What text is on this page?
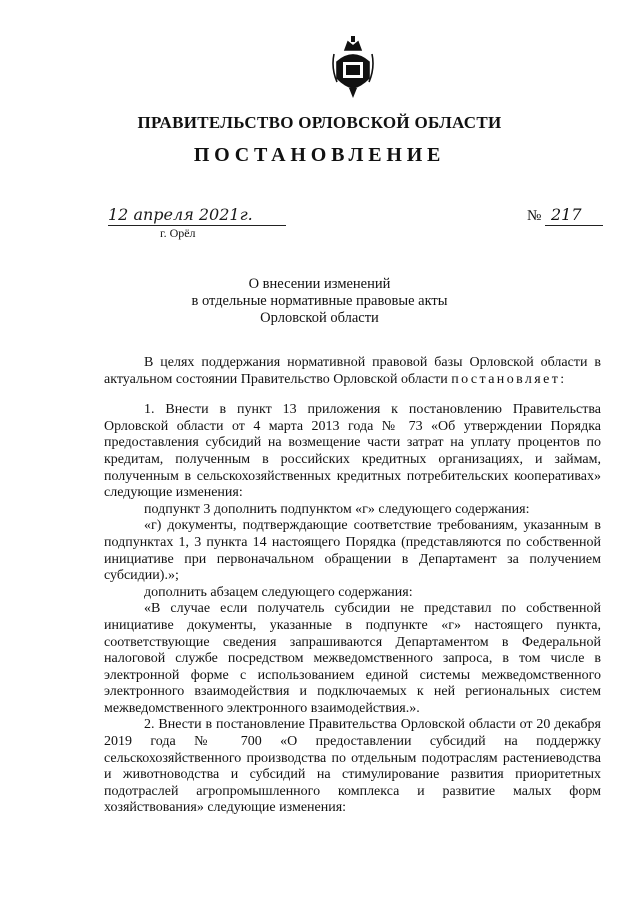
ПРАВИТЕЛЬСТВО ОРЛОВСКОЙ ОБЛАСТИ
ПОСТАНОВЛЕНИЕ
12 апреля 2021г.
г. Орёл
№ 217
О внесении изменений
в отдельные нормативные правовые акты
Орловской области

В целях поддержания нормативной правовой базы Орловской области в актуальном состоянии Правительство Орловской области постановляет:

1. Внести в пункт 13 приложения к постановлению Правительства Орловской области от 4 марта 2013 года № 73 «Об утверждении Порядка предоставления субсидий на возмещение части затрат на уплату процентов по кредитам, полученным в российских кредитных организациях, и займам, полученным в сельскохозяйственных кредитных потребительских кооперативах» следующие изменения:

подпункт 3 дополнить подпунктом «г» следующего содержания:

«г) документы, подтверждающие соответствие требованиям, указанным в подпунктах 1, 3 пункта 14 настоящего Порядка (представляются по собственной инициативе при первоначальном обращении в Департамент за получением субсидии).»;

дополнить абзацем следующего содержания:

«В случае если получатель субсидии не представил по собственной инициативе документы, указанные в подпункте «г» настоящего пункта, соответствующие сведения запрашиваются Департаментом в Федеральной налоговой службе посредством межведомственного запроса, в том числе в электронной форме с использованием единой системы межведомственного электронного взаимодействия и подключаемых к ней региональных систем межведомственного электронного взаимодействия.».

2. Внести в постановление Правительства Орловской области от 20 декабря 2019 года № 700 «О предоставлении субсидий на поддержку сельскохозяйственного производства по отдельным подотраслям растениеводства и животноводства и субсидий на стимулирование развития приоритетных подотраслей агропромышленного комплекса и развитие малых форм хозяйствования» следующие изменения:
